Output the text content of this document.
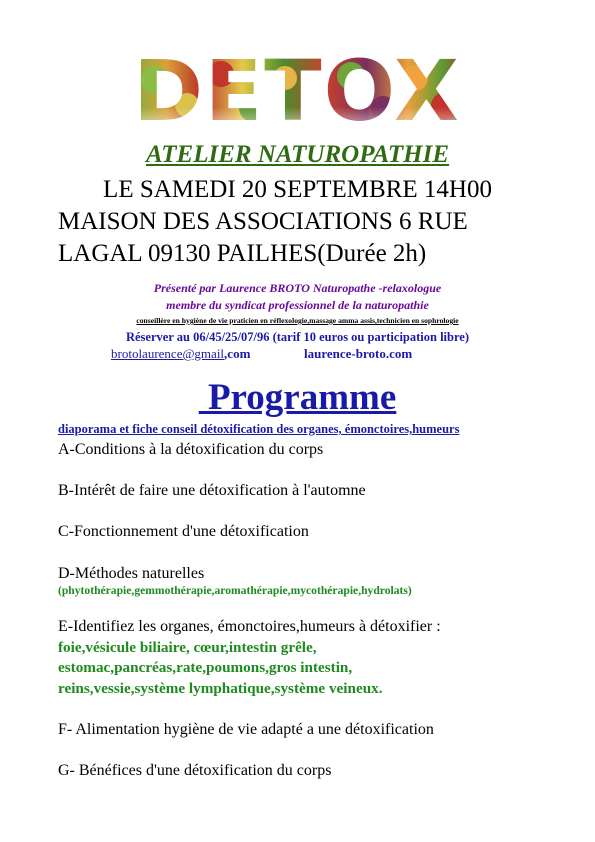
ATELIER NATUROPATHIE
LE SAMEDI 20 SEPTEMBRE 14H00
MAISON DES ASSOCIATIONS 6 RUE
LAGAL 09130 PAILHES(Durée 2h)
Présenté par Laurence BROTO Naturopathe -relaxologue
membre du syndicat professionnel de la naturopathie
conseillère en hygiène de vie praticien en réflexologie,massage amma assis,technicien en sophrologie
Réserver au 06/45/25/07/96 (tarif 10 euros ou participation libre)
brotolaurence@gmail,com	laurence-broto.com
Programme
diaporama et fiche conseil détoxification des organes, émonctoires,humeurs
A-Conditions à la détoxification du corps
B-Intérêt de faire une détoxification à l'automne
C-Fonctionnement d'une détoxification
D-Méthodes naturelles
(phytothérapie,gemmothérapie,aromathérapie,mycothérapie,hydrolats)
E-Identifiez les organes, émonctoires,humeurs à détoxifier :
foie,vésicule biliaire, cœur,intestin grêle,
estomac,pancréas,rate,poumons,gros intestin,
reins,vessie,système lymphatique,système veineux.
F- Alimentation hygiène de vie adapté a une détoxification
G- Bénéfices d'une détoxification du corps
